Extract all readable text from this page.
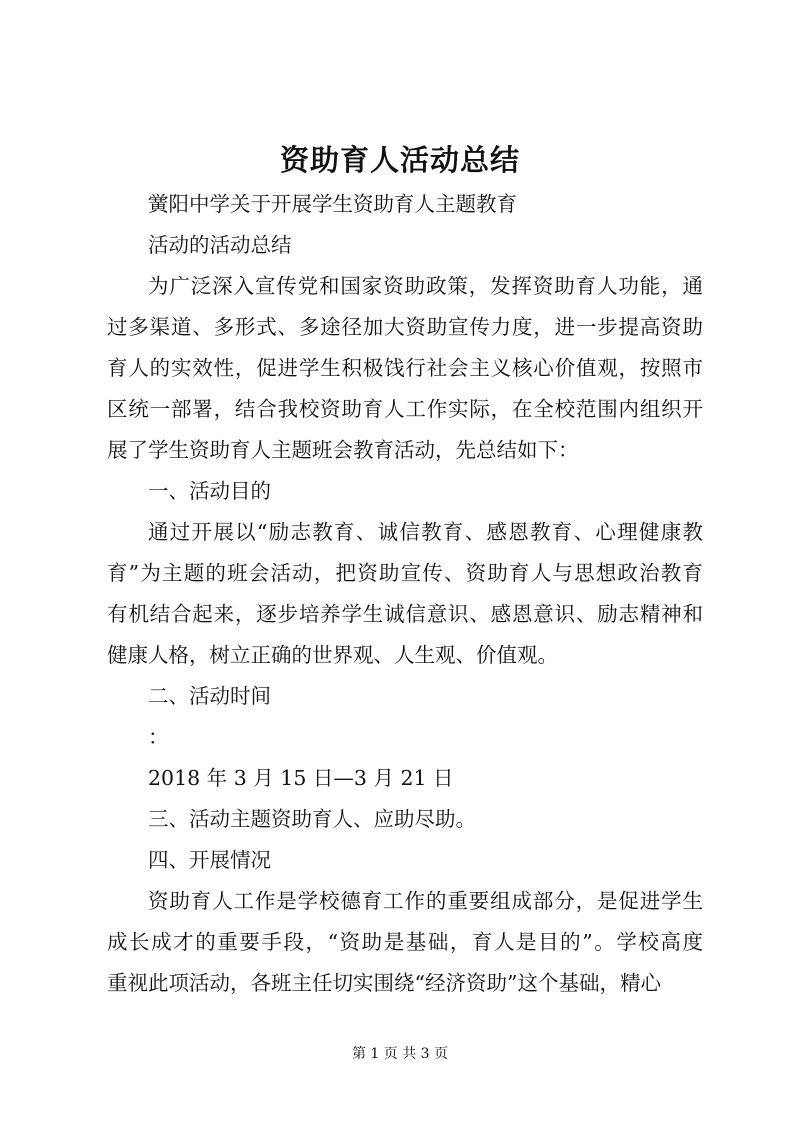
资助育人活动总结
黉阳中学关于开展学生资助育人主题教育
活动的活动总结
为广泛深入宣传党和国家资助政策，发挥资助育人功能，通
过多渠道、多形式、多途径加大资助宣传力度，进一步提高资助
育人的实效性，促进学生积极饯行社会主义核心价值观，按照市
区统一部署，结合我校资助育人工作实际，在全校范围内组织开
展了学生资助育人主题班会教育活动，先总结如下：
一、活动目的
通过开展以“励志教育、诚信教育、感恩教育、心理健康教
育”为主题的班会活动，把资助宣传、资助育人与思想政治教育
有机结合起来，逐步培养学生诚信意识、感恩意识、励志精神和
健康人格，树立正确的世界观、人生观、价值观。
二、活动时间
：
2018 年 3 月 15 日—3 月 21 日
三、活动主题资助育人、应助尽助。
四、开展情况
资助育人工作是学校德育工作的重要组成部分，是促进学生
成长成才的重要手段，“资助是基础，育人是目的”。学校高度
重视此项活动，各班主任切实围绕“经济资助”这个基础，精心
第 1 页 共 3 页
